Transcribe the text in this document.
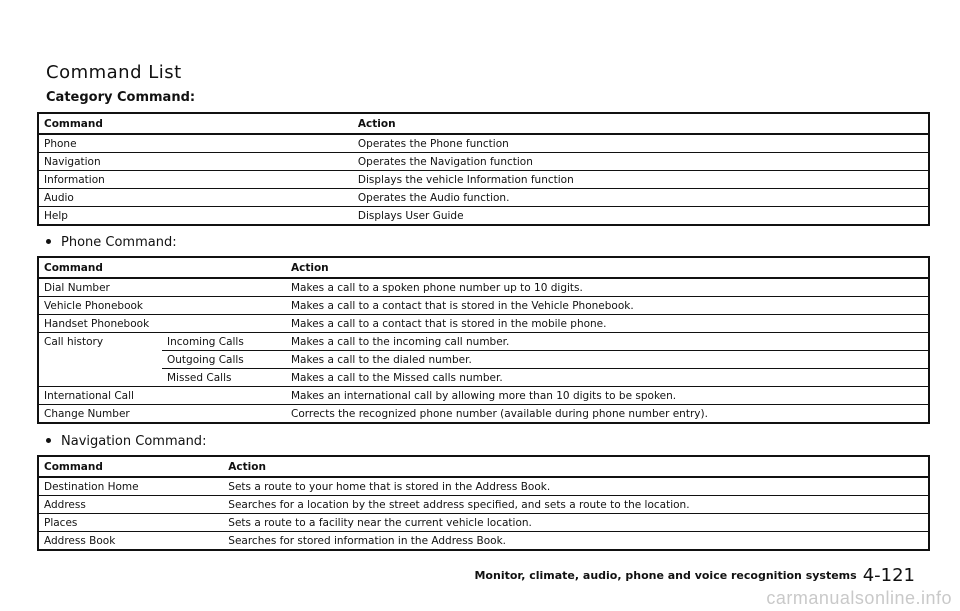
Command List
Category Command:
Command	Action
Phone	Operates the Phone function
Navigation	Operates the Navigation function
Information	Displays the vehicle Information function
Audio	Operates the Audio function.
Help	Displays User Guide
Phone Command:
Command		Action
Dial Number		Makes a call to a spoken phone number up to 10 digits.
Vehicle Phonebook		Makes a call to a contact that is stored in the Vehicle Phonebook.
Handset Phonebook		Makes a call to a contact that is stored in the mobile phone.
Call history	Incoming Calls	Makes a call to the incoming call number.
	Outgoing Calls	Makes a call to the dialed number.
	Missed Calls	Makes a call to the Missed calls number.
International Call		Makes an international call by allowing more than 10 digits to be spoken.
Change Number		Corrects the recognized phone number (available during phone number entry).
Navigation Command:
Command	Action
Destination Home	Sets a route to your home that is stored in the Address Book.
Address	Searches for a location by the street address specified, and sets a route to the location.
Places	Sets a route to a facility near the current vehicle location.
Address Book	Searches for stored information in the Address Book.
Monitor, climate, audio, phone and voice recognition systems 4-121
carmanualsonline.info
